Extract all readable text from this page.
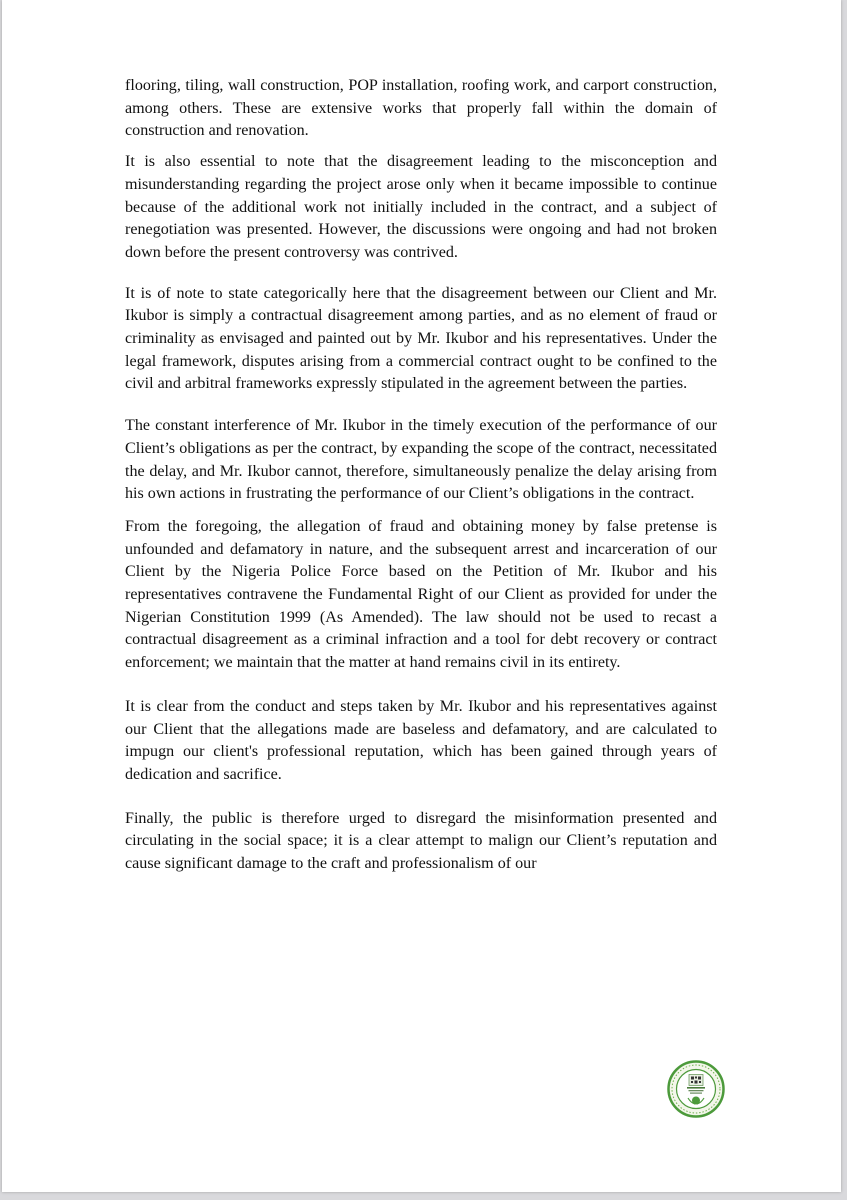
flooring, tiling, wall construction, POP installation, roofing work, and carport construction, among others. These are extensive works that properly fall within the domain of construction and renovation.

It is also essential to note that the disagreement leading to the misconception and misunderstanding regarding the project arose only when it became impossible to continue because of the additional work not initially included in the contract, and a subject of renegotiation was presented. However, the discussions were ongoing and had not broken down before the present controversy was contrived.

It is of note to state categorically here that the disagreement between our Client and Mr. Ikubor is simply a contractual disagreement among parties, and as no element of fraud or criminality as envisaged and painted out by Mr. Ikubor and his representatives. Under the legal framework, disputes arising from a commercial contract ought to be confined to the civil and arbitral frameworks expressly stipulated in the agreement between the parties.

The constant interference of Mr. Ikubor in the timely execution of the performance of our Client’s obligations as per the contract, by expanding the scope of the contract, necessitated the delay, and Mr. Ikubor cannot, therefore, simultaneously penalize the delay arising from his own actions in frustrating the performance of our Client’s obligations in the contract.

From the foregoing, the allegation of fraud and obtaining money by false pretense is unfounded and defamatory in nature, and the subsequent arrest and incarceration of our Client by the Nigeria Police Force based on the Petition of Mr. Ikubor and his representatives contravene the Fundamental Right of our Client as provided for under the Nigerian Constitution 1999 (As Amended). The law should not be used to recast a contractual disagreement as a criminal infraction and a tool for debt recovery or contract enforcement; we maintain that the matter at hand remains civil in its entirety.

It is clear from the conduct and steps taken by Mr. Ikubor and his representatives against our Client that the allegations made are baseless and defamatory, and are calculated to impugn our client's professional reputation, which has been gained through years of dedication and sacrifice.

Finally, the public is therefore urged to disregard the misinformation presented and circulating in the social space; it is a clear attempt to malign our Client’s reputation and cause significant damage to the craft and professionalism of our
